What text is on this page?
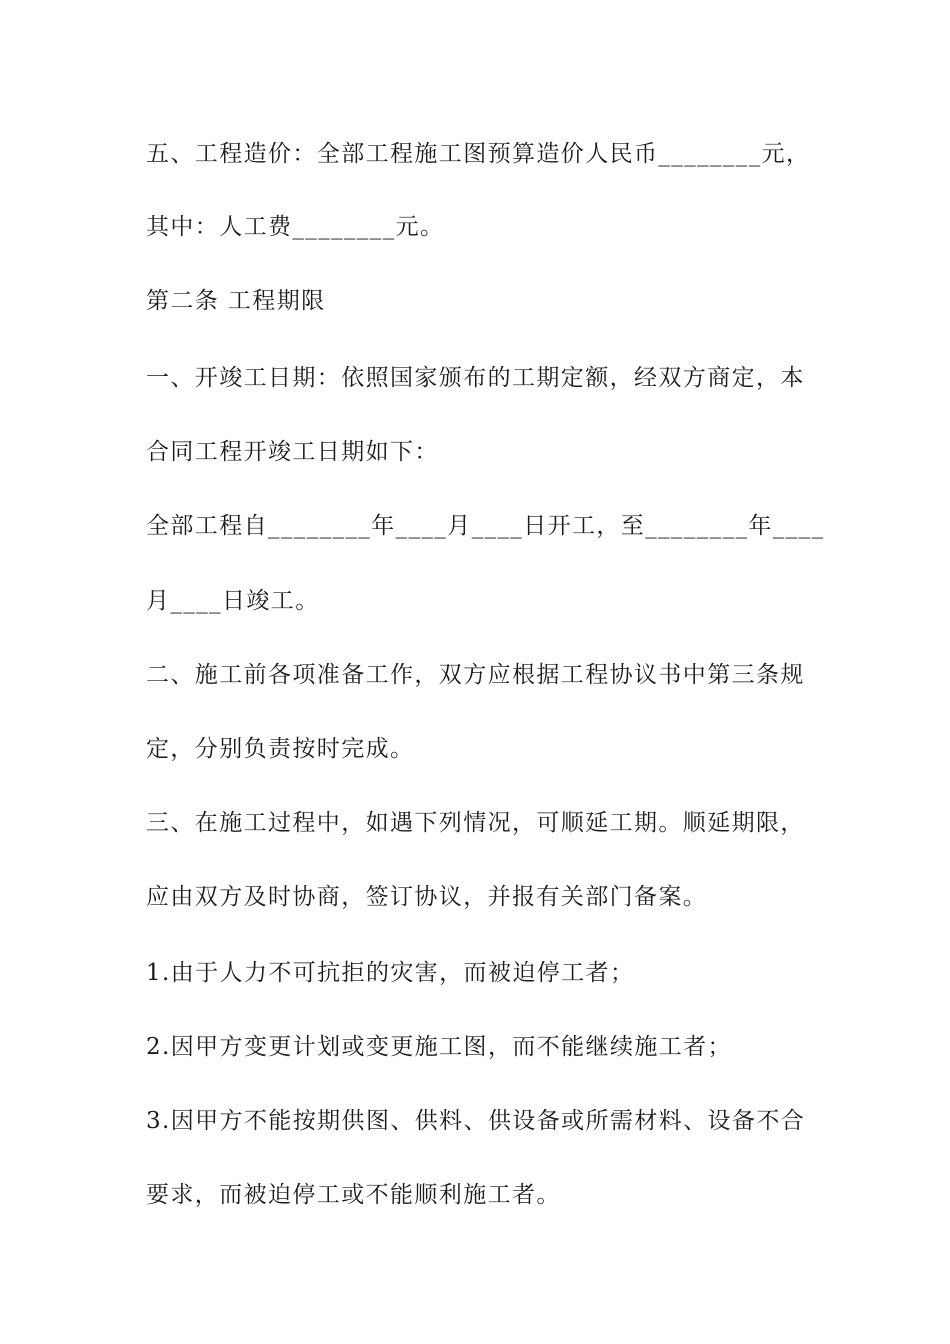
五、工程造价：全部工程施工图预算造价人民币________元，
其中：人工费________元。
第二条 工程期限
一、开竣工日期：依照国家颁布的工期定额，经双方商定，本
合同工程开竣工日期如下：
全部工程自________年____月____日开工，至________年____
月____日竣工。
二、施工前各项准备工作，双方应根据工程协议书中第三条规
定，分别负责按时完成。
三、在施工过程中，如遇下列情况，可顺延工期。顺延期限，
应由双方及时协商，签订协议，并报有关部门备案。
1.由于人力不可抗拒的灾害，而被迫停工者；
2.因甲方变更计划或变更施工图，而不能继续施工者；
3.因甲方不能按期供图、供料、供设备或所需材料、设备不合
要求，而被迫停工或不能顺利施工者。
